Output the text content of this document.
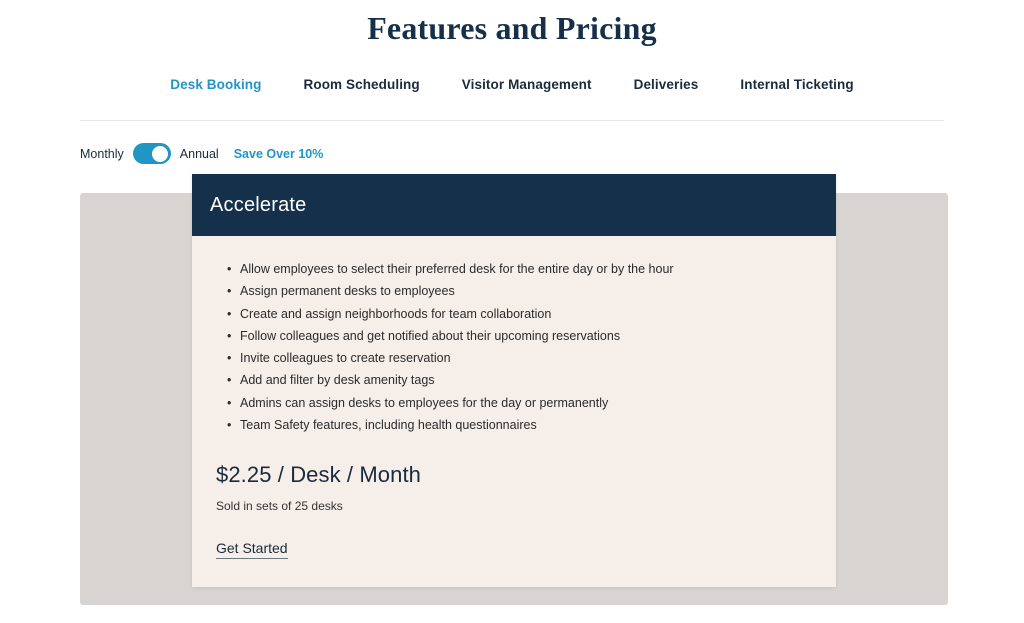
Features and Pricing
Desk Booking	Room Scheduling	Visitor Management	Deliveries	Internal Ticketing
Monthly	Annual Save Over 10%
Accelerate
• Allow employees to select their preferred desk for the entire day or by the hour
• Assign permanent desks to employees
• Create and assign neighborhoods for team collaboration
• Follow colleagues and get notified about their upcoming reservations
• Invite colleagues to create reservation
• Add and filter by desk amenity tags
• Admins can assign desks to employees for the day or permanently
• Team Safety features, including health questionnaires
$2.25 / Desk / Month
Sold in sets of 25 desks
Get Started
